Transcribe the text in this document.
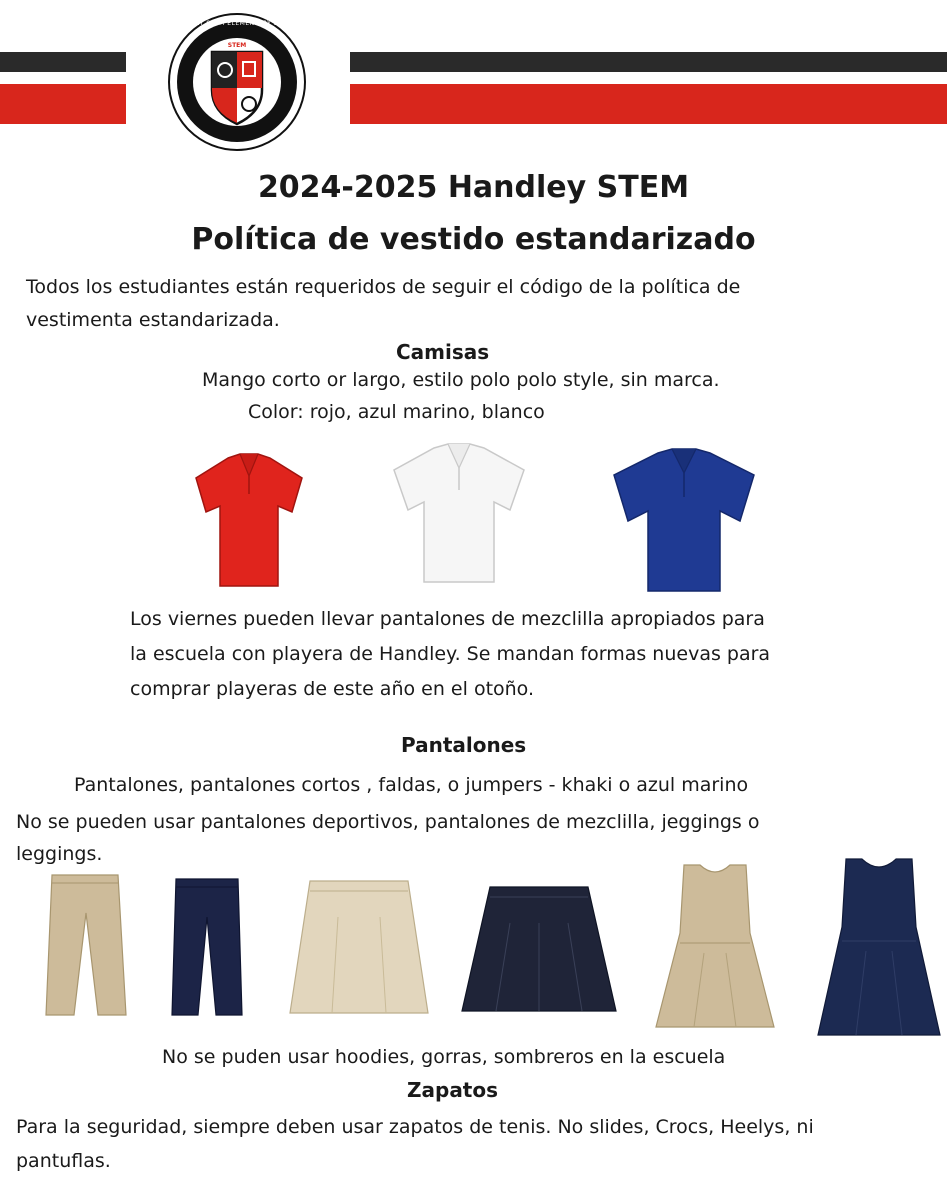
HANDLEY STEM ELEMENTARY SCHOOL
STEM
2024-2025 Handley STEM
Política de vestido estandarizado
Todos los estudiantes están requeridos de seguir el código de la política de
vestimenta estandarizada.
Camisas
Mango corto or largo, estilo polo polo style, sin marca.
Color: rojo, azul marino, blanco
Los viernes pueden llevar pantalones de mezclilla apropiados para
la escuela con playera de Handley. Se mandan formas nuevas para
comprar playeras de este año en el otoño.
Pantalones
Pantalones, pantalones cortos , faldas, o jumpers - khaki o azul marino
No se pueden usar pantalones deportivos, pantalones de mezclilla, jeggings o
leggings.
No se puden usar hoodies, gorras, sombreros en la escuela
Zapatos
Para la seguridad, siempre deben usar zapatos de tenis. No slides, Crocs, Heelys, ni
pantuflas.
